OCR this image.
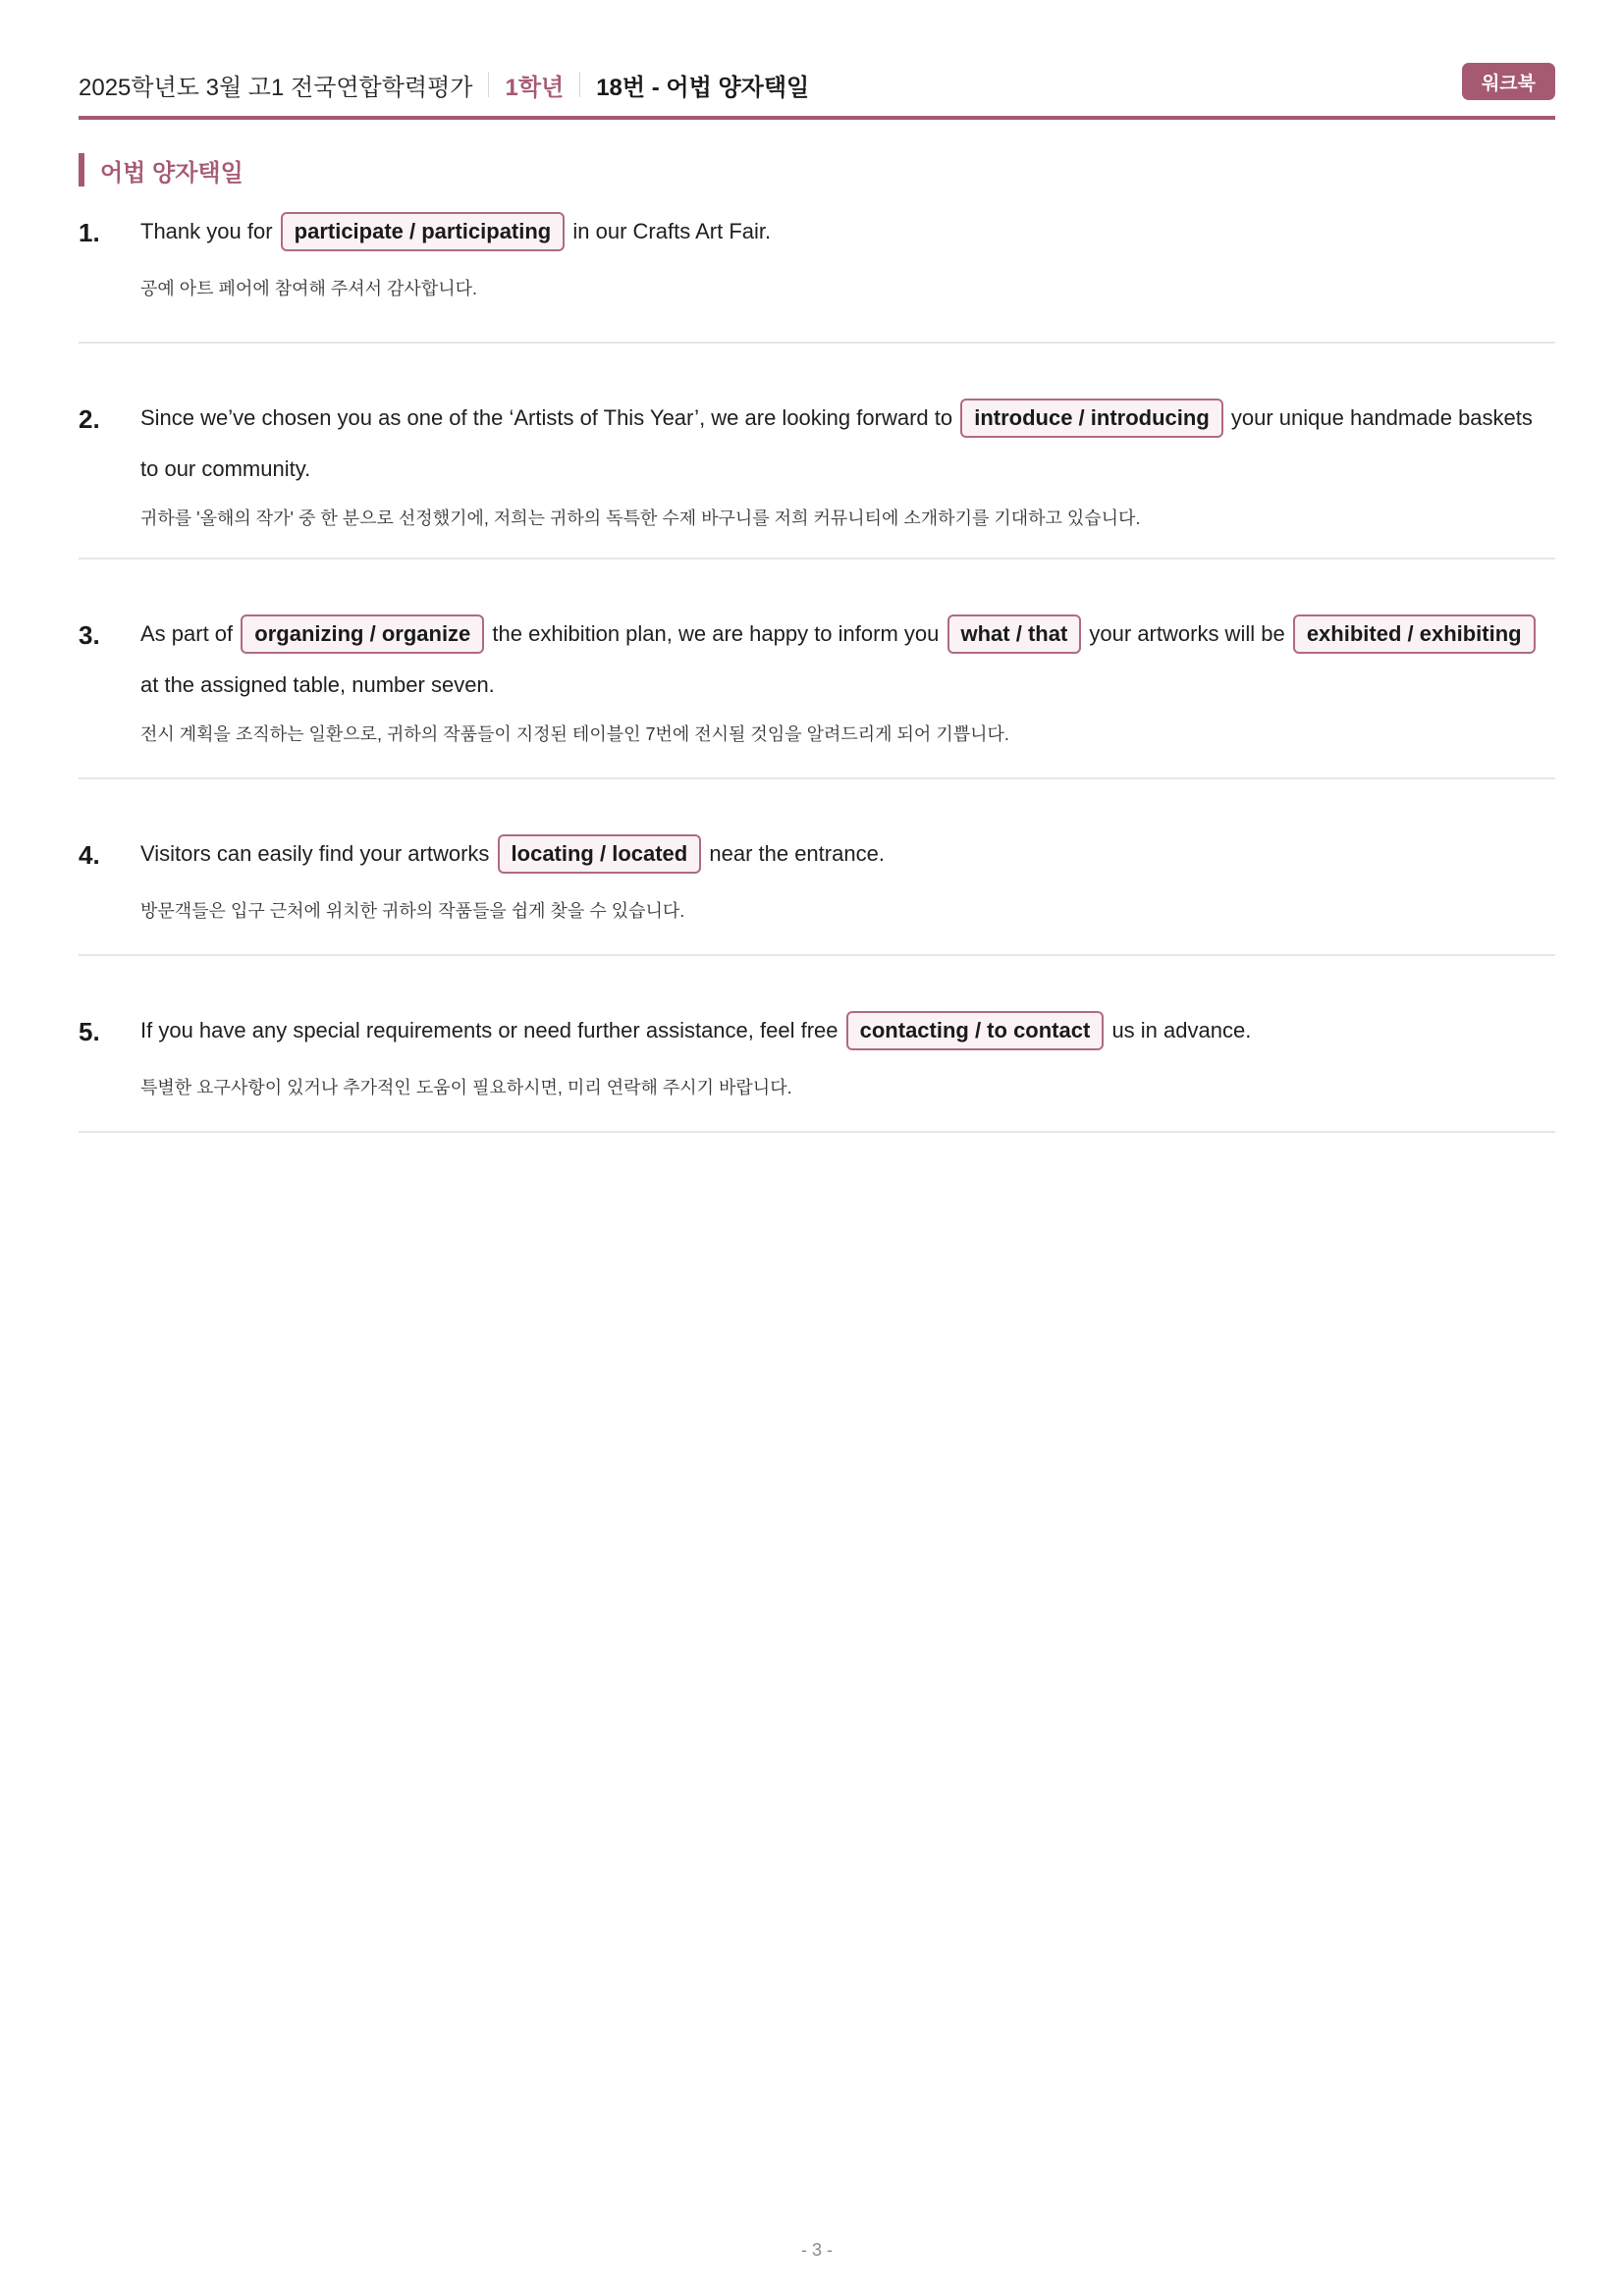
2025학년도 3월 고1 전국연합학력평가 1학년 18번 - 어법 양자택일	워크북
어법 양자택일
1. Thank you for participate / participating in our Crafts Art Fair.
공예 아트 페어에 참여해 주셔서 감사합니다.
2. Since we’ve chosen you as one of the ‘Artists of This Year’, we are looking forward to introduce / introducing your unique handmade baskets
to our community.
귀하를 '올해의 작가' 중 한 분으로 선정했기에, 저희는 귀하의 독특한 수제 바구니를 저희 커뮤니티에 소개하기를 기대하고 있습니다.
3. As part of organizing / organize the exhibition plan, we are happy to inform you what / that your artworks will be exhibited / exhibiting
at the assigned table, number seven.
전시 계획을 조직하는 일환으로, 귀하의 작품들이 지정된 테이블인 7번에 전시될 것임을 알려드리게 되어 기쁩니다.
4. Visitors can easily find your artworks locating / located near the entrance.
방문객들은 입구 근처에 위치한 귀하의 작품들을 쉽게 찾을 수 있습니다.
5. If you have any special requirements or need further assistance, feel free contacting / to contact us in advance.
특별한 요구사항이 있거나 추가적인 도움이 필요하시면, 미리 연락해 주시기 바랍니다.
- 3 -
